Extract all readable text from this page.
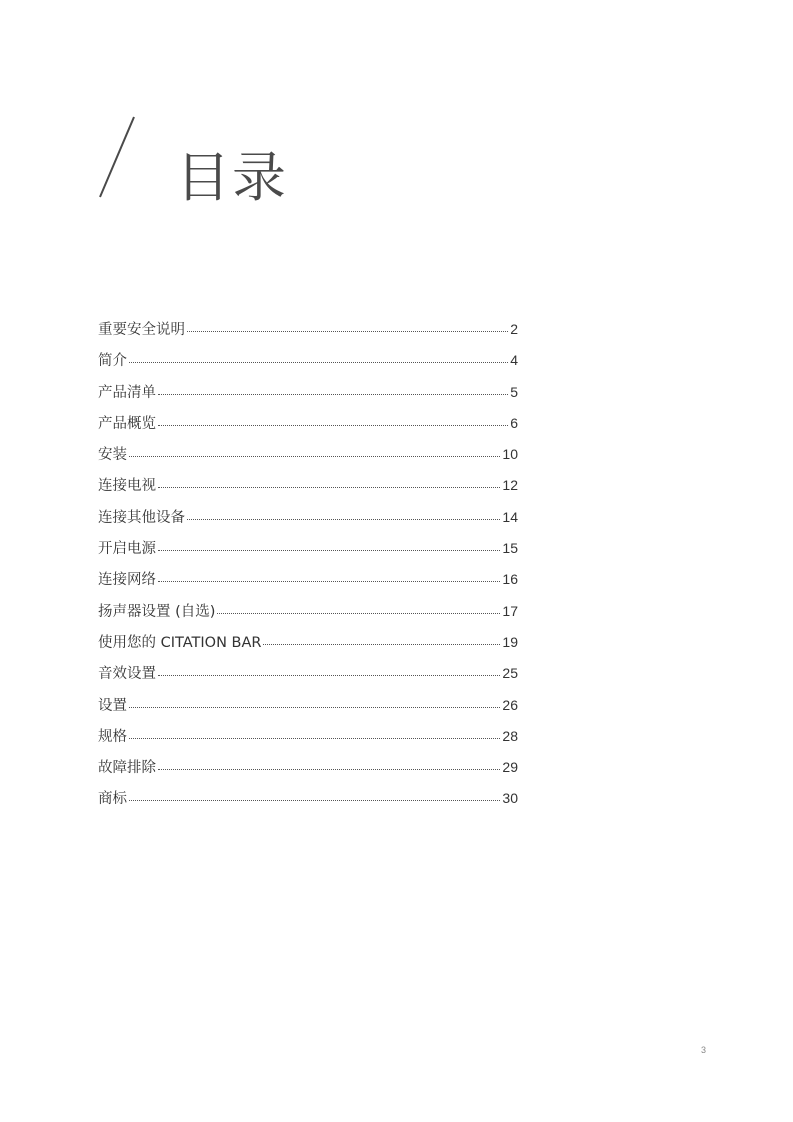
目录
重要安全说明	2
简介	4
产品清单	5
产品概览	6
安装	10
连接电视	12
连接其他设备	14
开启电源	15
连接网络	16
扬声器设置 (自选)	17
使用您的 CITATION BAR	19
音效设置	25
设置	26
规格	28
故障排除	29
商标	30
3
